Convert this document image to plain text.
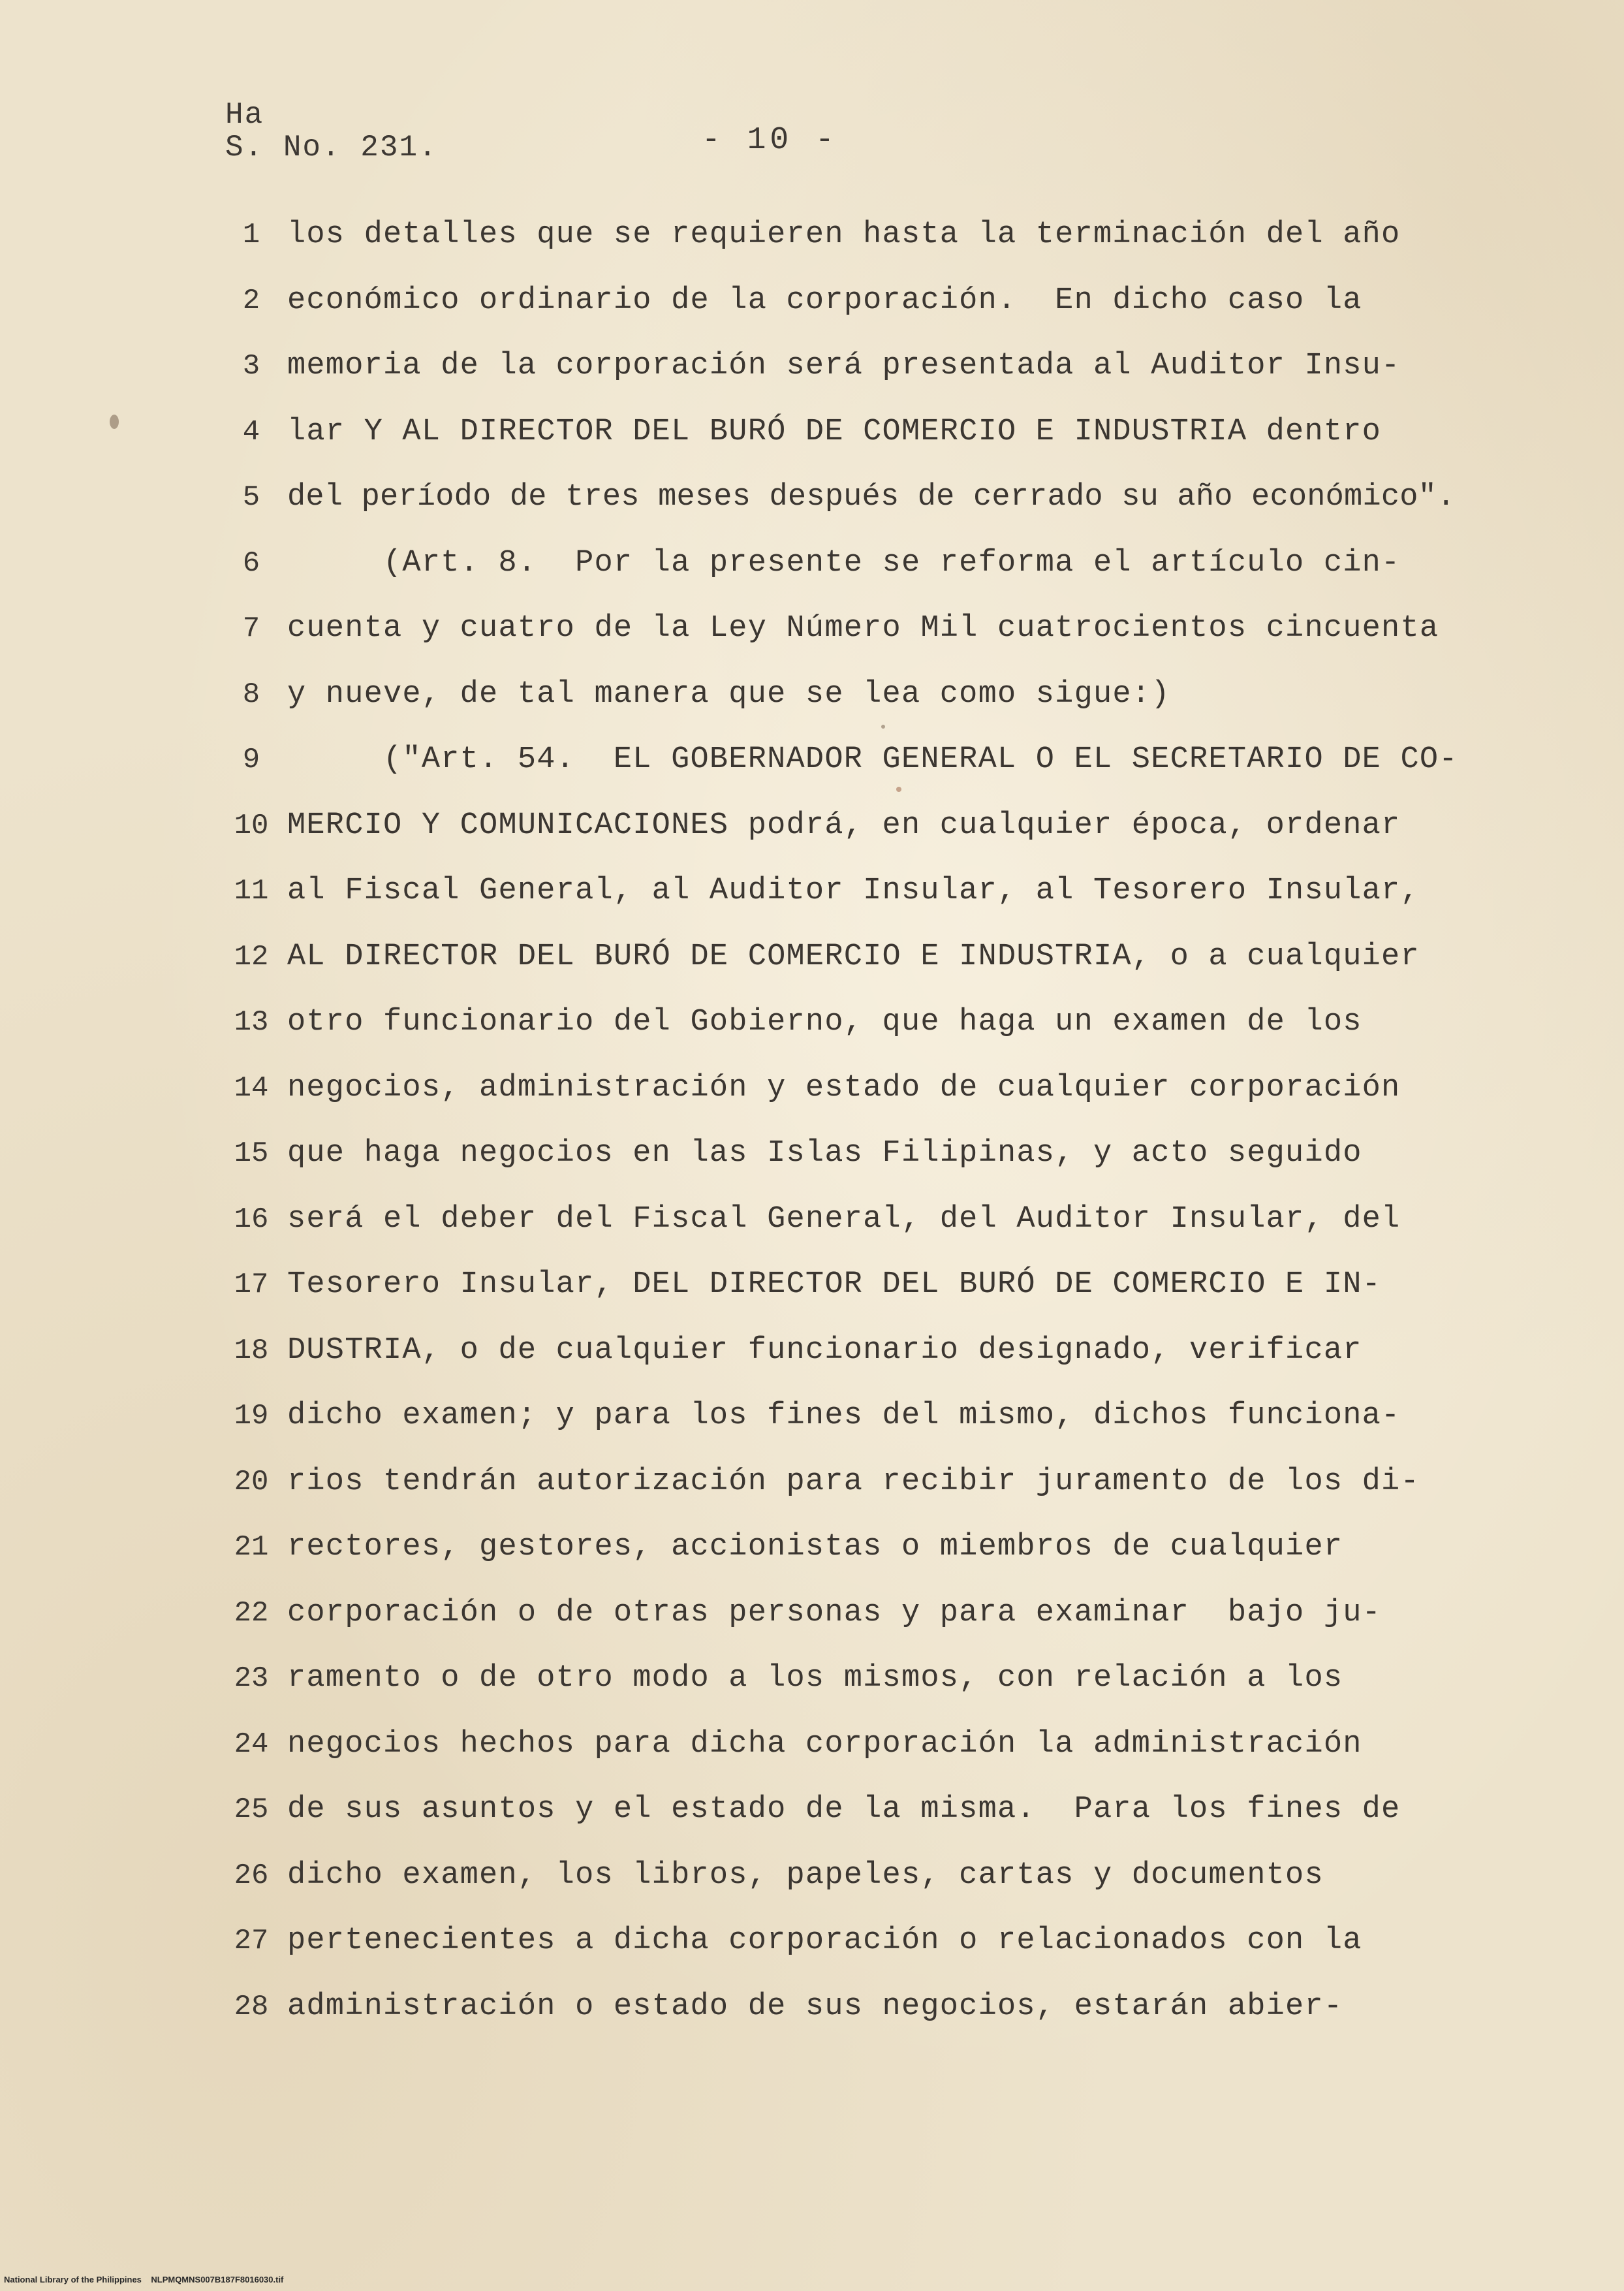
Ha
S. No. 231.	- 10 -
1
2
3
4
5
6
7
8
9
10
11
12
13
14
15
16
17
18
19
20
21
22
23
24
25
26
27
28
los detalles que se requieren hasta la terminación del año
económico ordinario de la corporación.  En dicho caso la
memoria de la corporación será presentada al Auditor Insu-
lar Y AL DIRECTOR DEL BURÓ DE COMERCIO E INDUSTRIA dentro
del período de tres meses después de cerrado su año económico".
(Art. 8.  Por la presente se reforma el artículo cin-
cuenta y cuatro de la Ley Número Mil cuatrocientos cincuenta
y nueve, de tal manera que se lea como sigue:)
("Art. 54.  EL GOBERNADOR GENERAL O EL SECRETARIO DE CO-
MERCIO Y COMUNICACIONES podrá, en cualquier época, ordenar
al Fiscal General, al Auditor Insular, al Tesorero Insular,
AL DIRECTOR DEL BURÓ DE COMERCIO E INDUSTRIA, o a cualquier
otro funcionario del Gobierno, que haga un examen de los
negocios, administración y estado de cualquier corporación
que haga negocios en las Islas Filipinas, y acto seguido
será el deber del Fiscal General, del Auditor Insular, del
Tesorero Insular, DEL DIRECTOR DEL BURÓ DE COMERCIO E IN-
DUSTRIA, o de cualquier funcionario designado, verificar
dicho examen; y para los fines del mismo, dichos funciona-
rios tendrán autorización para recibir juramento de los di-
rectores, gestores, accionistas o miembros de cualquier
corporación o de otras personas y para examinar  bajo ju-
ramento o de otro modo a los mismos, con relación a los
negocios hechos para dicha corporación la administración
de sus asuntos y el estado de la misma.  Para los fines de
dicho examen, los libros, papeles, cartas y documentos
pertenecientes a dicha corporación o relacionados con la
administración o estado de sus negocios, estarán abier-
National Library of the Philippines    NLPMQMNS007B187F8016030.tif
